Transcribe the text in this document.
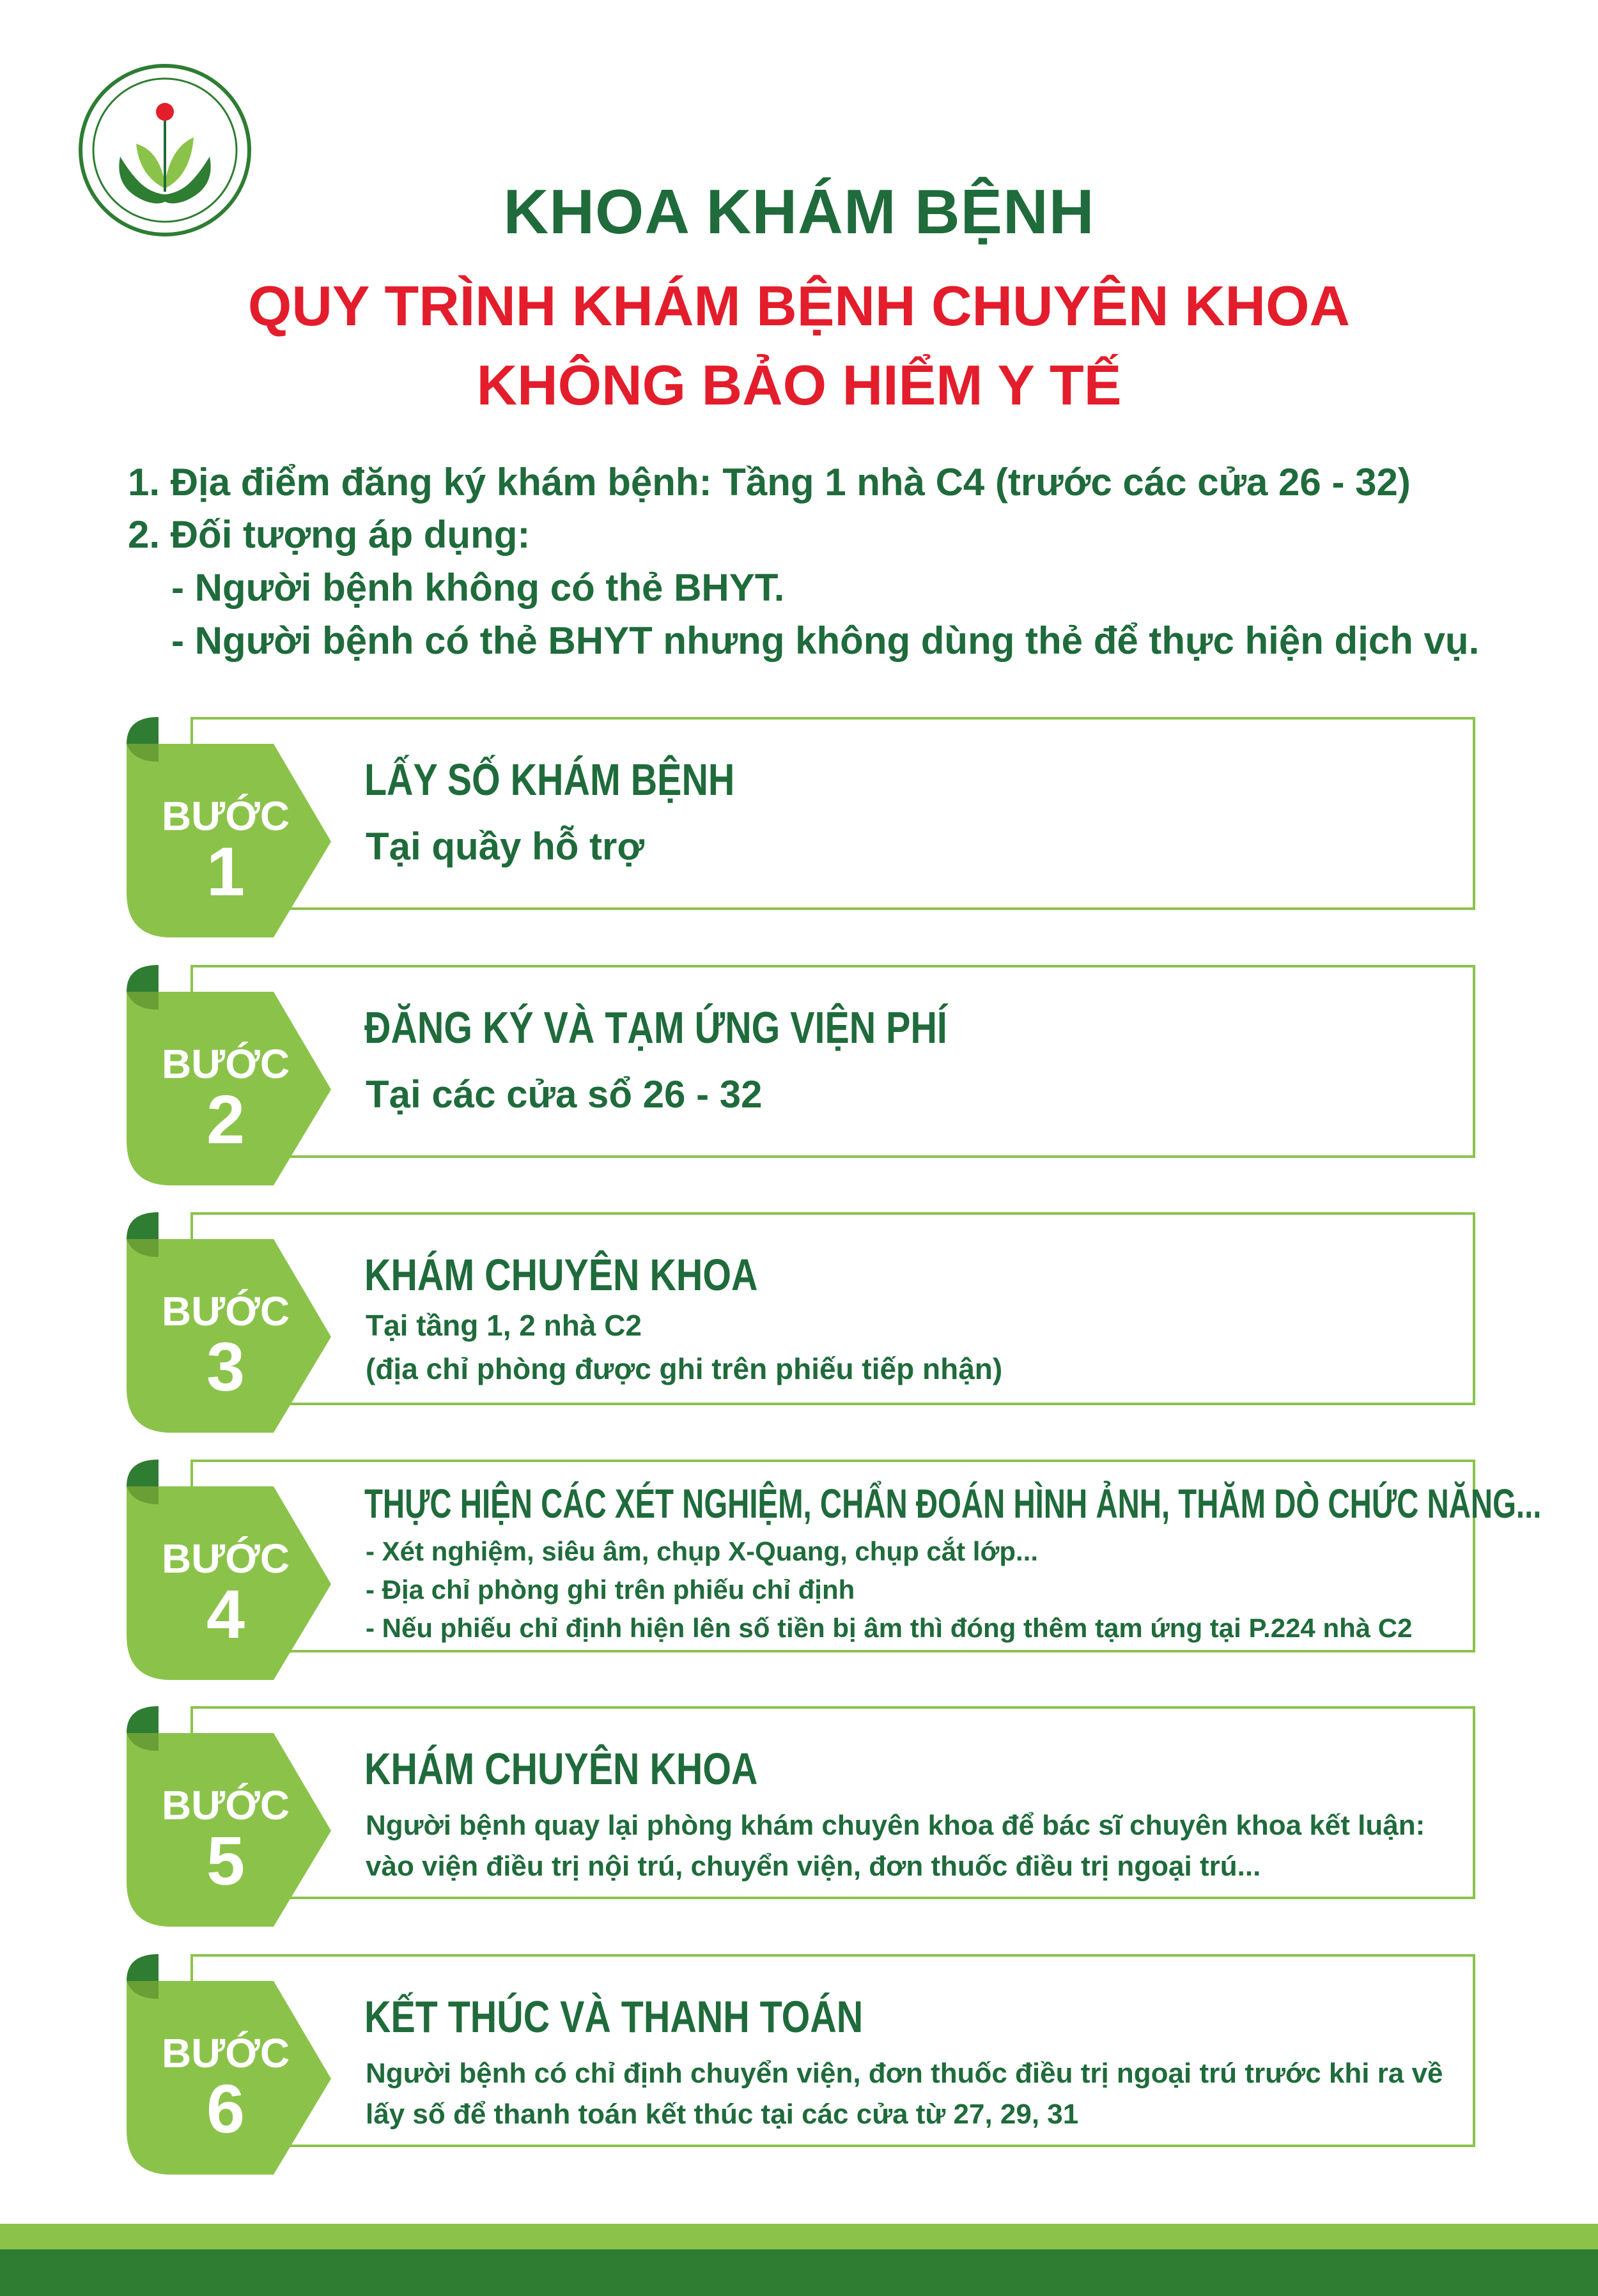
KHOA KHÁM BỆNH
QUY TRÌNH KHÁM BỆNH CHUYÊN KHOA
KHÔNG BẢO HIỂM Y TẾ
1. Địa điểm đăng ký khám bệnh: Tầng 1 nhà C4 (trước các cửa 26 - 32)
2. Đối tượng áp dụng:
- Người bệnh không có thẻ BHYT.
- Người bệnh có thẻ BHYT nhưng không dùng thẻ để thực hiện dịch vụ.
BƯỚC
1
LẤY SỐ KHÁM BỆNH
Tại quầy hỗ trợ
BƯỚC
2
ĐĂNG KÝ VÀ TẠM ỨNG VIỆN PHÍ
Tại các cửa sổ 26 - 32
BƯỚC
3
KHÁM CHUYÊN KHOA
Tại tầng 1, 2 nhà C2
(địa chỉ phòng được ghi trên phiếu tiếp nhận)
BƯỚC
4
THỰC HIỆN CÁC XÉT NGHIỆM, CHẨN ĐOÁN HÌNH ẢNH, THĂM DÒ CHỨC NĂNG...
- Xét nghiệm, siêu âm, chụp X-Quang, chụp cắt lớp...
- Địa chỉ phòng ghi trên phiếu chỉ định
- Nếu phiếu chỉ định hiện lên số tiền bị âm thì đóng thêm tạm ứng tại P.224 nhà C2
BƯỚC
5
KHÁM CHUYÊN KHOA
Người bệnh quay lại phòng khám chuyên khoa để bác sĩ chuyên khoa kết luận:
vào viện điều trị nội trú, chuyển viện, đơn thuốc điều trị ngoại trú...
BƯỚC
6
KẾT THÚC VÀ THANH TOÁN
Người bệnh có chỉ định chuyển viện, đơn thuốc điều trị ngoại trú trước khi ra về
lấy số để thanh toán kết thúc tại các cửa từ 27, 29, 31
